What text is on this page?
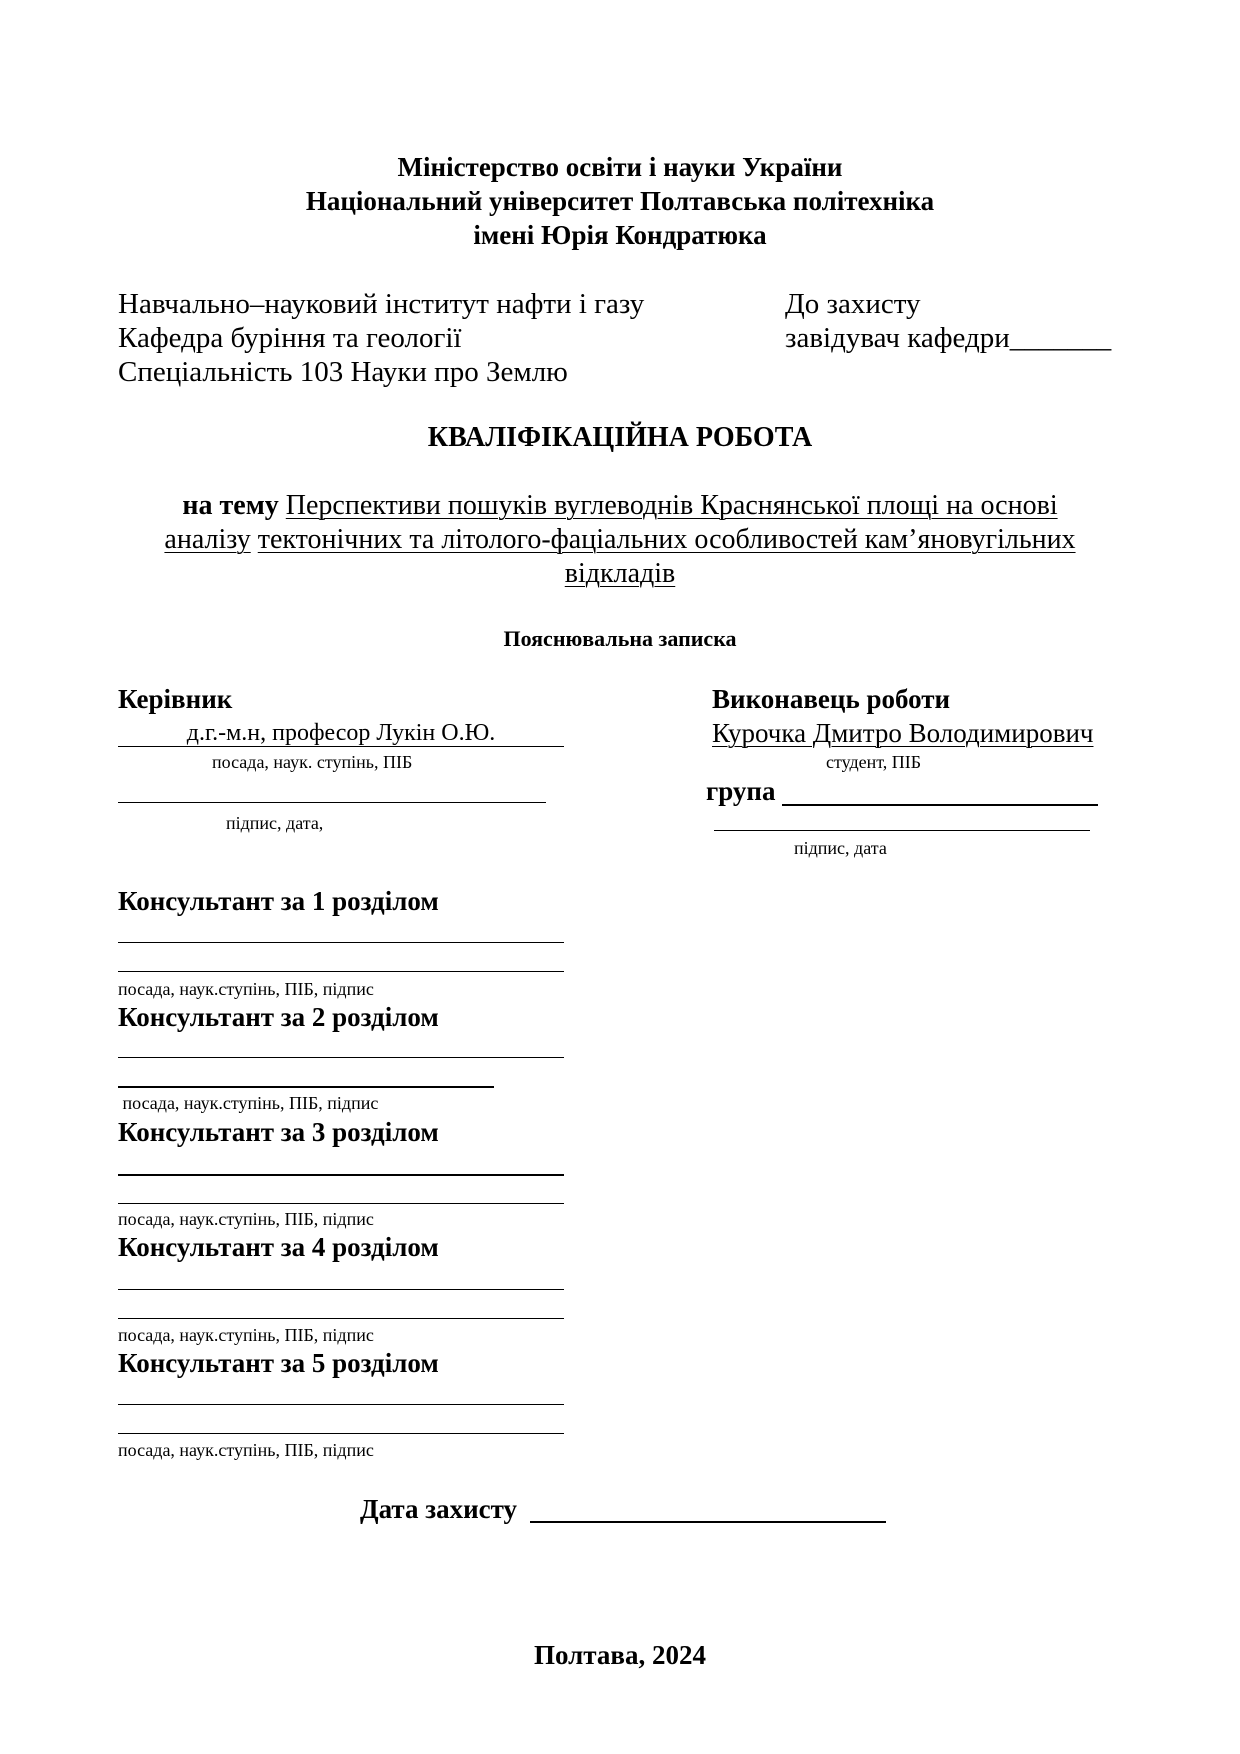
Міністерство освіти і науки України
Національний університет Полтавська політехніка
імені Юрія Кондратюка
Навчально–науковий інститут нафти і газу
Кафедра буріння та геології
Спеціальність 103 Науки про Землю
До захисту
завідувач кафедри_______
КВАЛІФІКАЦІЙНА РОБОТА
на тему Перспективи пошуків вуглеводнів Краснянської площі на основі
аналізу тектонічних та літолого-фаціальних особливостей кам’яновугільних
відкладів
Пояснювальна записка
Керівник
д.г.-м.н, професор Лукін О.Ю.
посада, наук. ступінь, ПІБ
підпис, дата,
Виконавець роботи
Курочка Дмитро Володимирович
студент, ПІБ
група
підпис, дата
Консультант за 1 розділом
посада, наук.ступінь, ПІБ, підпис
Консультант за 2 розділом
посада, наук.ступінь, ПІБ, підпис
Консультант за 3 розділом
посада, наук.ступінь, ПІБ, підпис
Консультант за 4 розділом
посада, наук.ступінь, ПІБ, підпис
Консультант за 5 розділом
посада, наук.ступінь, ПІБ, підпис
Дата захисту
Полтава, 2024
